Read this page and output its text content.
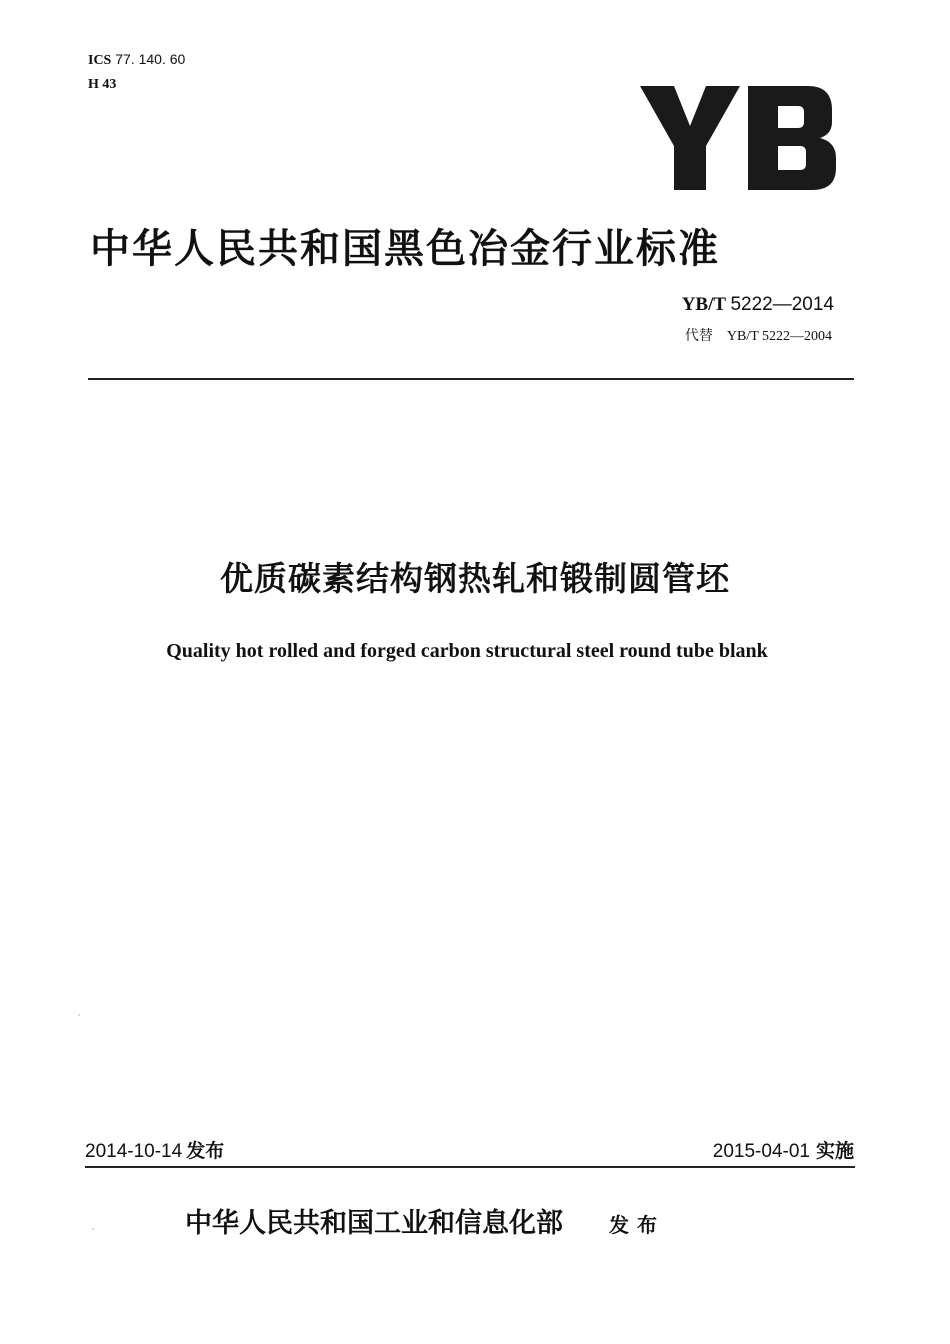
ICS 77. 140. 60
H 43
中华人民共和国黑色冶金行业标准
YB/T 5222—2014
代替 YB/T 5222—2004
优质碳素结构钢热轧和锻制圆管坯
Quality hot rolled and forged carbon structural steel round tube blank
2014-10-14 发布	2015-04-01 实施
中华人民共和国工业和信息化部 发布
